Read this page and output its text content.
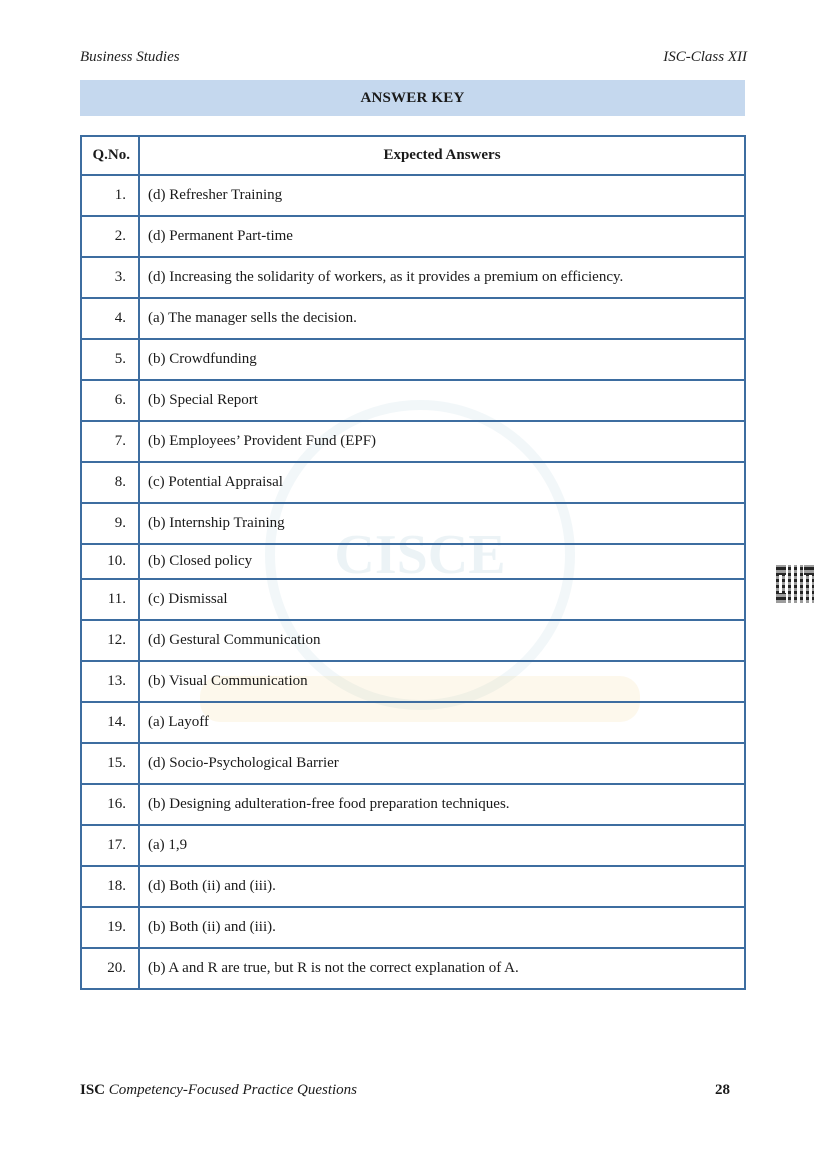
CISCE
Business Studies	ISC-Class XII
ANSWER KEY
Q.No.	Expected Answers
1.	(d) Refresher Training
2.	(d) Permanent Part-time
3.	(d) Increasing the solidarity of workers, as it provides a premium on efficiency.
4.	(a) The manager sells the decision.
5.	(b) Crowdfunding
6.	(b) Special Report
7.	(b) Employees’ Provident Fund (EPF)
8.	(c) Potential Appraisal
9.	(b) Internship Training
10.	(b) Closed policy
11.	(c) Dismissal
12.	(d) Gestural Communication
13.	(b) Visual Communication
14.	(a) Layoff
15.	(d) Socio-Psychological Barrier
16.	(b) Designing adulteration-free food preparation techniques.
17.	(a) 1,9
18.	(d) Both (ii) and (iii).
19.	(b) Both (ii) and (iii).
20.	(b) A and R are true, but R is not the correct explanation of A.
ISC Competency-Focused Practice Questions	28
